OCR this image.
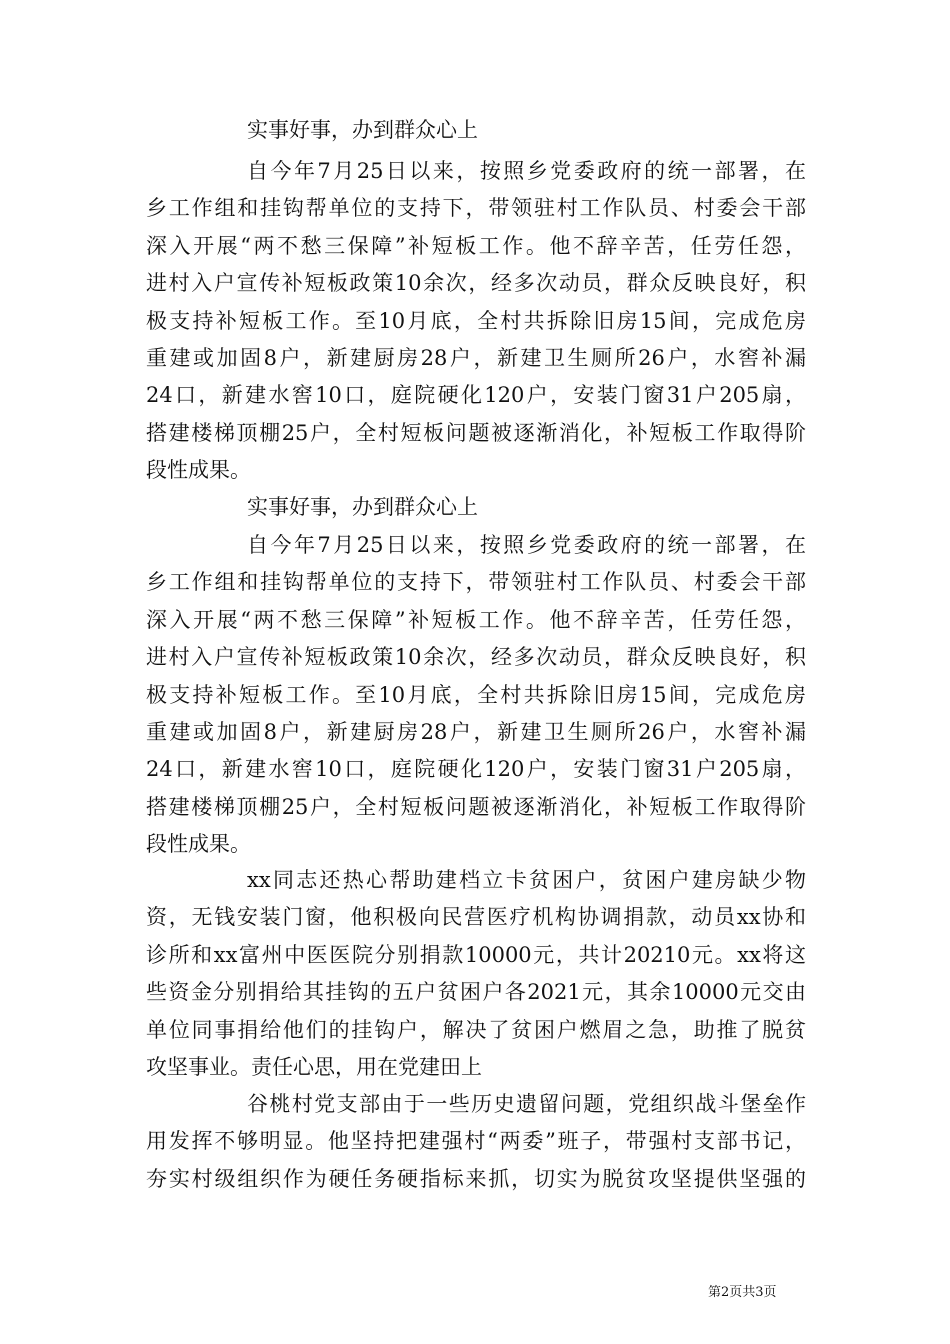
实事好事，办到群众心上
自今年7月25日以来，按照乡党委政府的统一部署，在
乡工作组和挂钩帮单位的支持下，带领驻村工作队员、村委会干部
深入开展“两不愁三保障”补短板工作。他不辞辛苦，任劳任怨，
进村入户宣传补短板政策10余次，经多次动员，群众反映良好，积
极支持补短板工作。至10月底，全村共拆除旧房15间，完成危房
重建或加固8户，新建厨房28户，新建卫生厕所26户，水窖补漏
24口，新建水窖10口，庭院硬化120户，安装门窗31户205扇，
搭建楼梯顶棚25户，全村短板问题被逐渐消化，补短板工作取得阶
段性成果。
实事好事，办到群众心上
自今年7月25日以来，按照乡党委政府的统一部署，在
乡工作组和挂钩帮单位的支持下，带领驻村工作队员、村委会干部
深入开展“两不愁三保障”补短板工作。他不辞辛苦，任劳任怨，
进村入户宣传补短板政策10余次，经多次动员，群众反映良好，积
极支持补短板工作。至10月底，全村共拆除旧房15间，完成危房
重建或加固8户，新建厨房28户，新建卫生厕所26户，水窖补漏
24口，新建水窖10口，庭院硬化120户，安装门窗31户205扇，
搭建楼梯顶棚25户，全村短板问题被逐渐消化，补短板工作取得阶
段性成果。
xx同志还热心帮助建档立卡贫困户，贫困户建房缺少物
资，无钱安装门窗，他积极向民营医疗机构协调捐款，动员xx协和
诊所和xx富州中医医院分别捐款10000元，共计20210元。xx将这
些资金分别捐给其挂钩的五户贫困户各2021元，其余10000元交由
单位同事捐给他们的挂钩户，解决了贫困户燃眉之急，助推了脱贫
攻坚事业。责任心思，用在党建田上
谷桃村党支部由于一些历史遗留问题，党组织战斗堡垒作
用发挥不够明显。他坚持把建强村“两委”班子，带强村支部书记，
夯实村级组织作为硬任务硬指标来抓，切实为脱贫攻坚提供坚强的
第2页共3页
